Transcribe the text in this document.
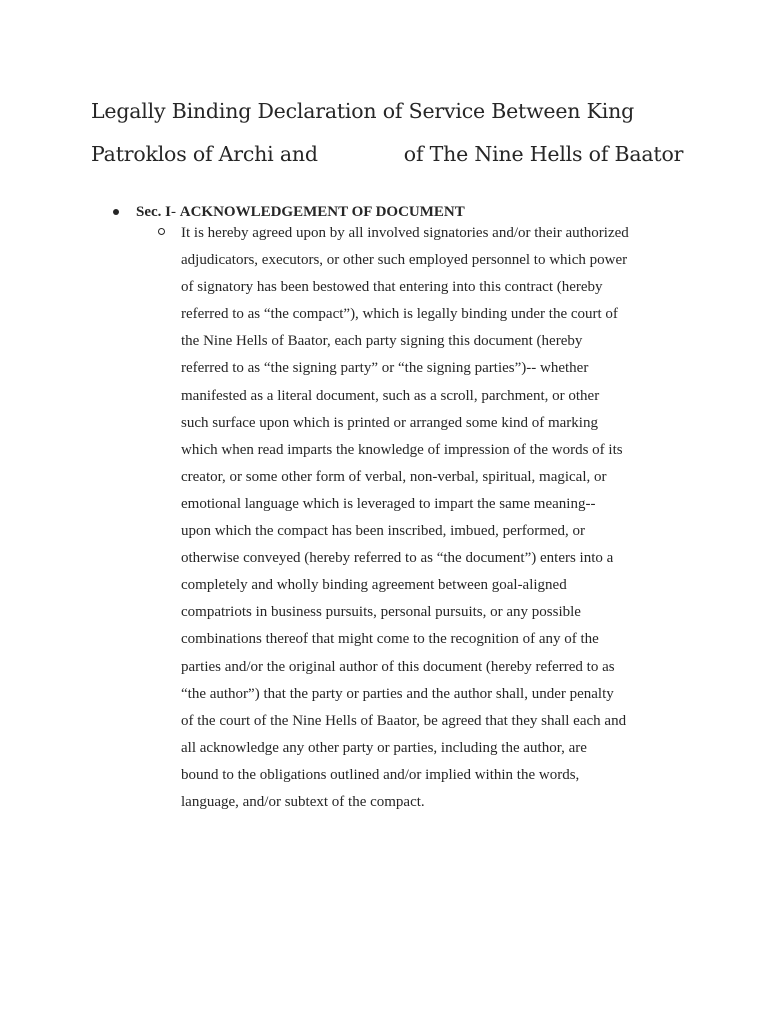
Legally Binding Declaration of Service Between King
Patroklos of Archi and	of The Nine Hells of Baator
Sec. I- ACKNOWLEDGEMENT OF DOCUMENT

It is hereby agreed upon by all involved signatories and/or their authorized
adjudicators, executors, or other such employed personnel to which power
of signatory has been bestowed that entering into this contract (hereby
referred to as “the compact”), which is legally binding under the court of
the Nine Hells of Baator, each party signing this document (hereby
referred to as “the signing party” or “the signing parties”)-- whether
manifested as a literal document, such as a scroll, parchment, or other
such surface upon which is printed or arranged some kind of marking
which when read imparts the knowledge of impression of the words of its
creator, or some other form of verbal, non-verbal, spiritual, magical, or
emotional language which is leveraged to impart the same meaning--
upon which the compact has been inscribed, imbued, performed, or
otherwise conveyed (hereby referred to as “the document”) enters into a
completely and wholly binding agreement between goal-aligned
compatriots in business pursuits, personal pursuits, or any possible
combinations thereof that might come to the recognition of any of the
parties and/or the original author of this document (hereby referred to as
“the author”) that the party or parties and the author shall, under penalty
of the court of the Nine Hells of Baator, be agreed that they shall each and
all acknowledge any other party or parties, including the author, are
bound to the obligations outlined and/or implied within the words,
language, and/or subtext of the compact.
